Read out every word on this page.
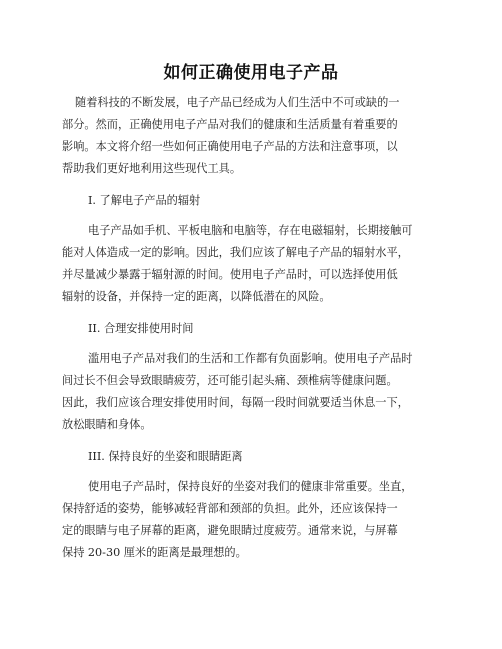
如何正确使用电子产品
随着科技的不断发展，电子产品已经成为人们生活中不可或缺的一
部分。然而，正确使用电子产品对我们的健康和生活质量有着重要的
影响。本文将介绍一些如何正确使用电子产品的方法和注意事项，以
帮助我们更好地利用这些现代工具。
I. 了解电子产品的辐射
电子产品如手机、平板电脑和电脑等，存在电磁辐射，长期接触可
能对人体造成一定的影响。因此，我们应该了解电子产品的辐射水平，
并尽量减少暴露于辐射源的时间。使用电子产品时，可以选择使用低
辐射的设备，并保持一定的距离，以降低潜在的风险。
II. 合理安排使用时间
滥用电子产品对我们的生活和工作都有负面影响。使用电子产品时
间过长不但会导致眼睛疲劳，还可能引起头痛、颈椎病等健康问题。
因此，我们应该合理安排使用时间，每隔一段时间就要适当休息一下，
放松眼睛和身体。
III. 保持良好的坐姿和眼睛距离
使用电子产品时，保持良好的坐姿对我们的健康非常重要。坐直，
保持舒适的姿势，能够减轻背部和颈部的负担。此外，还应该保持一
定的眼睛与电子屏幕的距离，避免眼睛过度疲劳。通常来说，与屏幕
保持 20-30 厘米的距离是最理想的。
